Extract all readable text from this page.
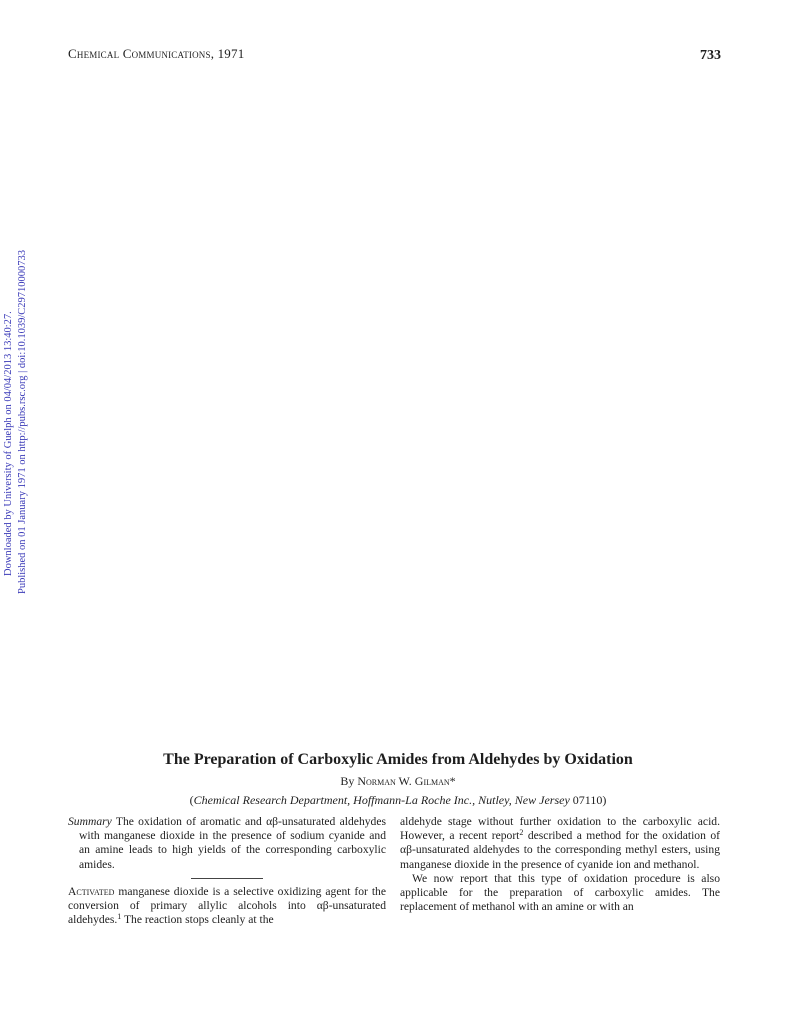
Chemical Communications, 1971	733
Downloaded by University of Guelph on 04/04/2013 13:40:27. Published on 01 January 1971 on http://pubs.rsc.org | doi:10.1039/C29710000733
The Preparation of Carboxylic Amides from Aldehydes by Oxidation
By Norman W. Gilman*
(Chemical Research Department, Hoffmann-La Roche Inc., Nutley, New Jersey 07110)

Summary The oxidation of aromatic and αβ-unsaturated aldehydes with manganese dioxide in the presence of sodium cyanide and an amine leads to high yields of the corresponding carboxylic amides.

Activated manganese dioxide is a selective oxidizing agent for the conversion of primary allylic alcohols into αβ-unsaturated aldehydes.$^1$ The reaction stops cleanly at the

aldehyde stage without further oxidation to the carboxylic acid. However, a recent report$^2$ described a method for the oxidation of αβ-unsaturated aldehydes to the corresponding methyl esters, using manganese dioxide in the presence of cyanide ion and methanol.

We now report that this type of oxidation procedure is also applicable for the preparation of carboxylic amides. The replacement of methanol with an amine or with an
